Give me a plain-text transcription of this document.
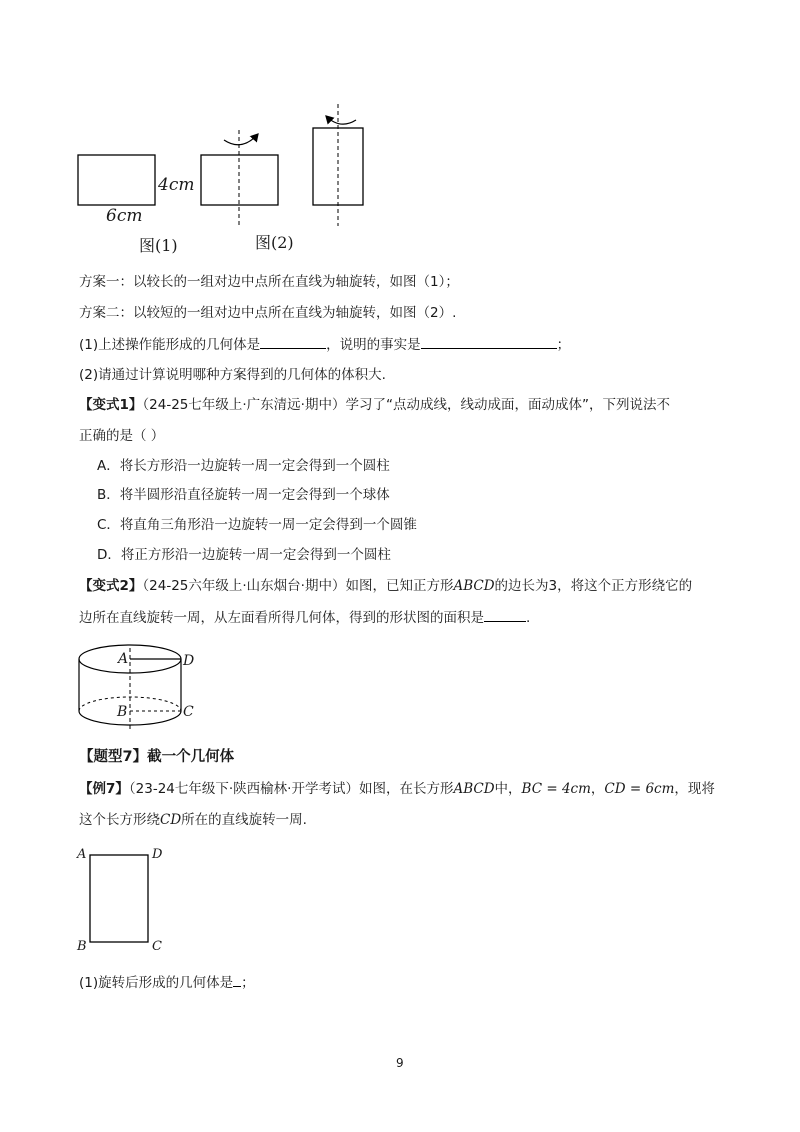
4cm
6cm
图(1)	图(2)
方案一：以较长的一组对边中点所在直线为轴旋转，如图（1）；
方案二：以较短的一组对边中点所在直线为轴旋转，如图（2）.
(1)上述操作能形成的几何体是	，说明的事实是	；
(2)请通过计算说明哪种方案得到的几何体的体积大.
【变式1】（24-25七年级上·广东清远·期中）学习了“点动成线，线动成面，面动成体”，下列说法不
正确的是（ ）
A．将长方形沿一边旋转一周一定会得到一个圆柱
B．将半圆形沿直径旋转一周一定会得到一个球体
C．将直角三角形沿一边旋转一周一定会得到一个圆锥
D．将正方形沿一边旋转一周一定会得到一个圆柱
【变式2】（24-25六年级上·山东烟台·期中）如图，已知正方形ABCD的边长为3，将这个正方形绕它的
边所在直线旋转一周，从左面看所得几何体，得到的形状图的面积是	.
A	D
B	C
【题型7】截一个几何体
【例7】（23-24七年级下·陕西榆林·开学考试）如图，在长方形ABCD中，BC = 4cm，CD = 6cm，现将
这个长方形绕CD所在的直线旋转一周.
A	D
B	C
(1)旋转后形成的几何体是 ；
9
